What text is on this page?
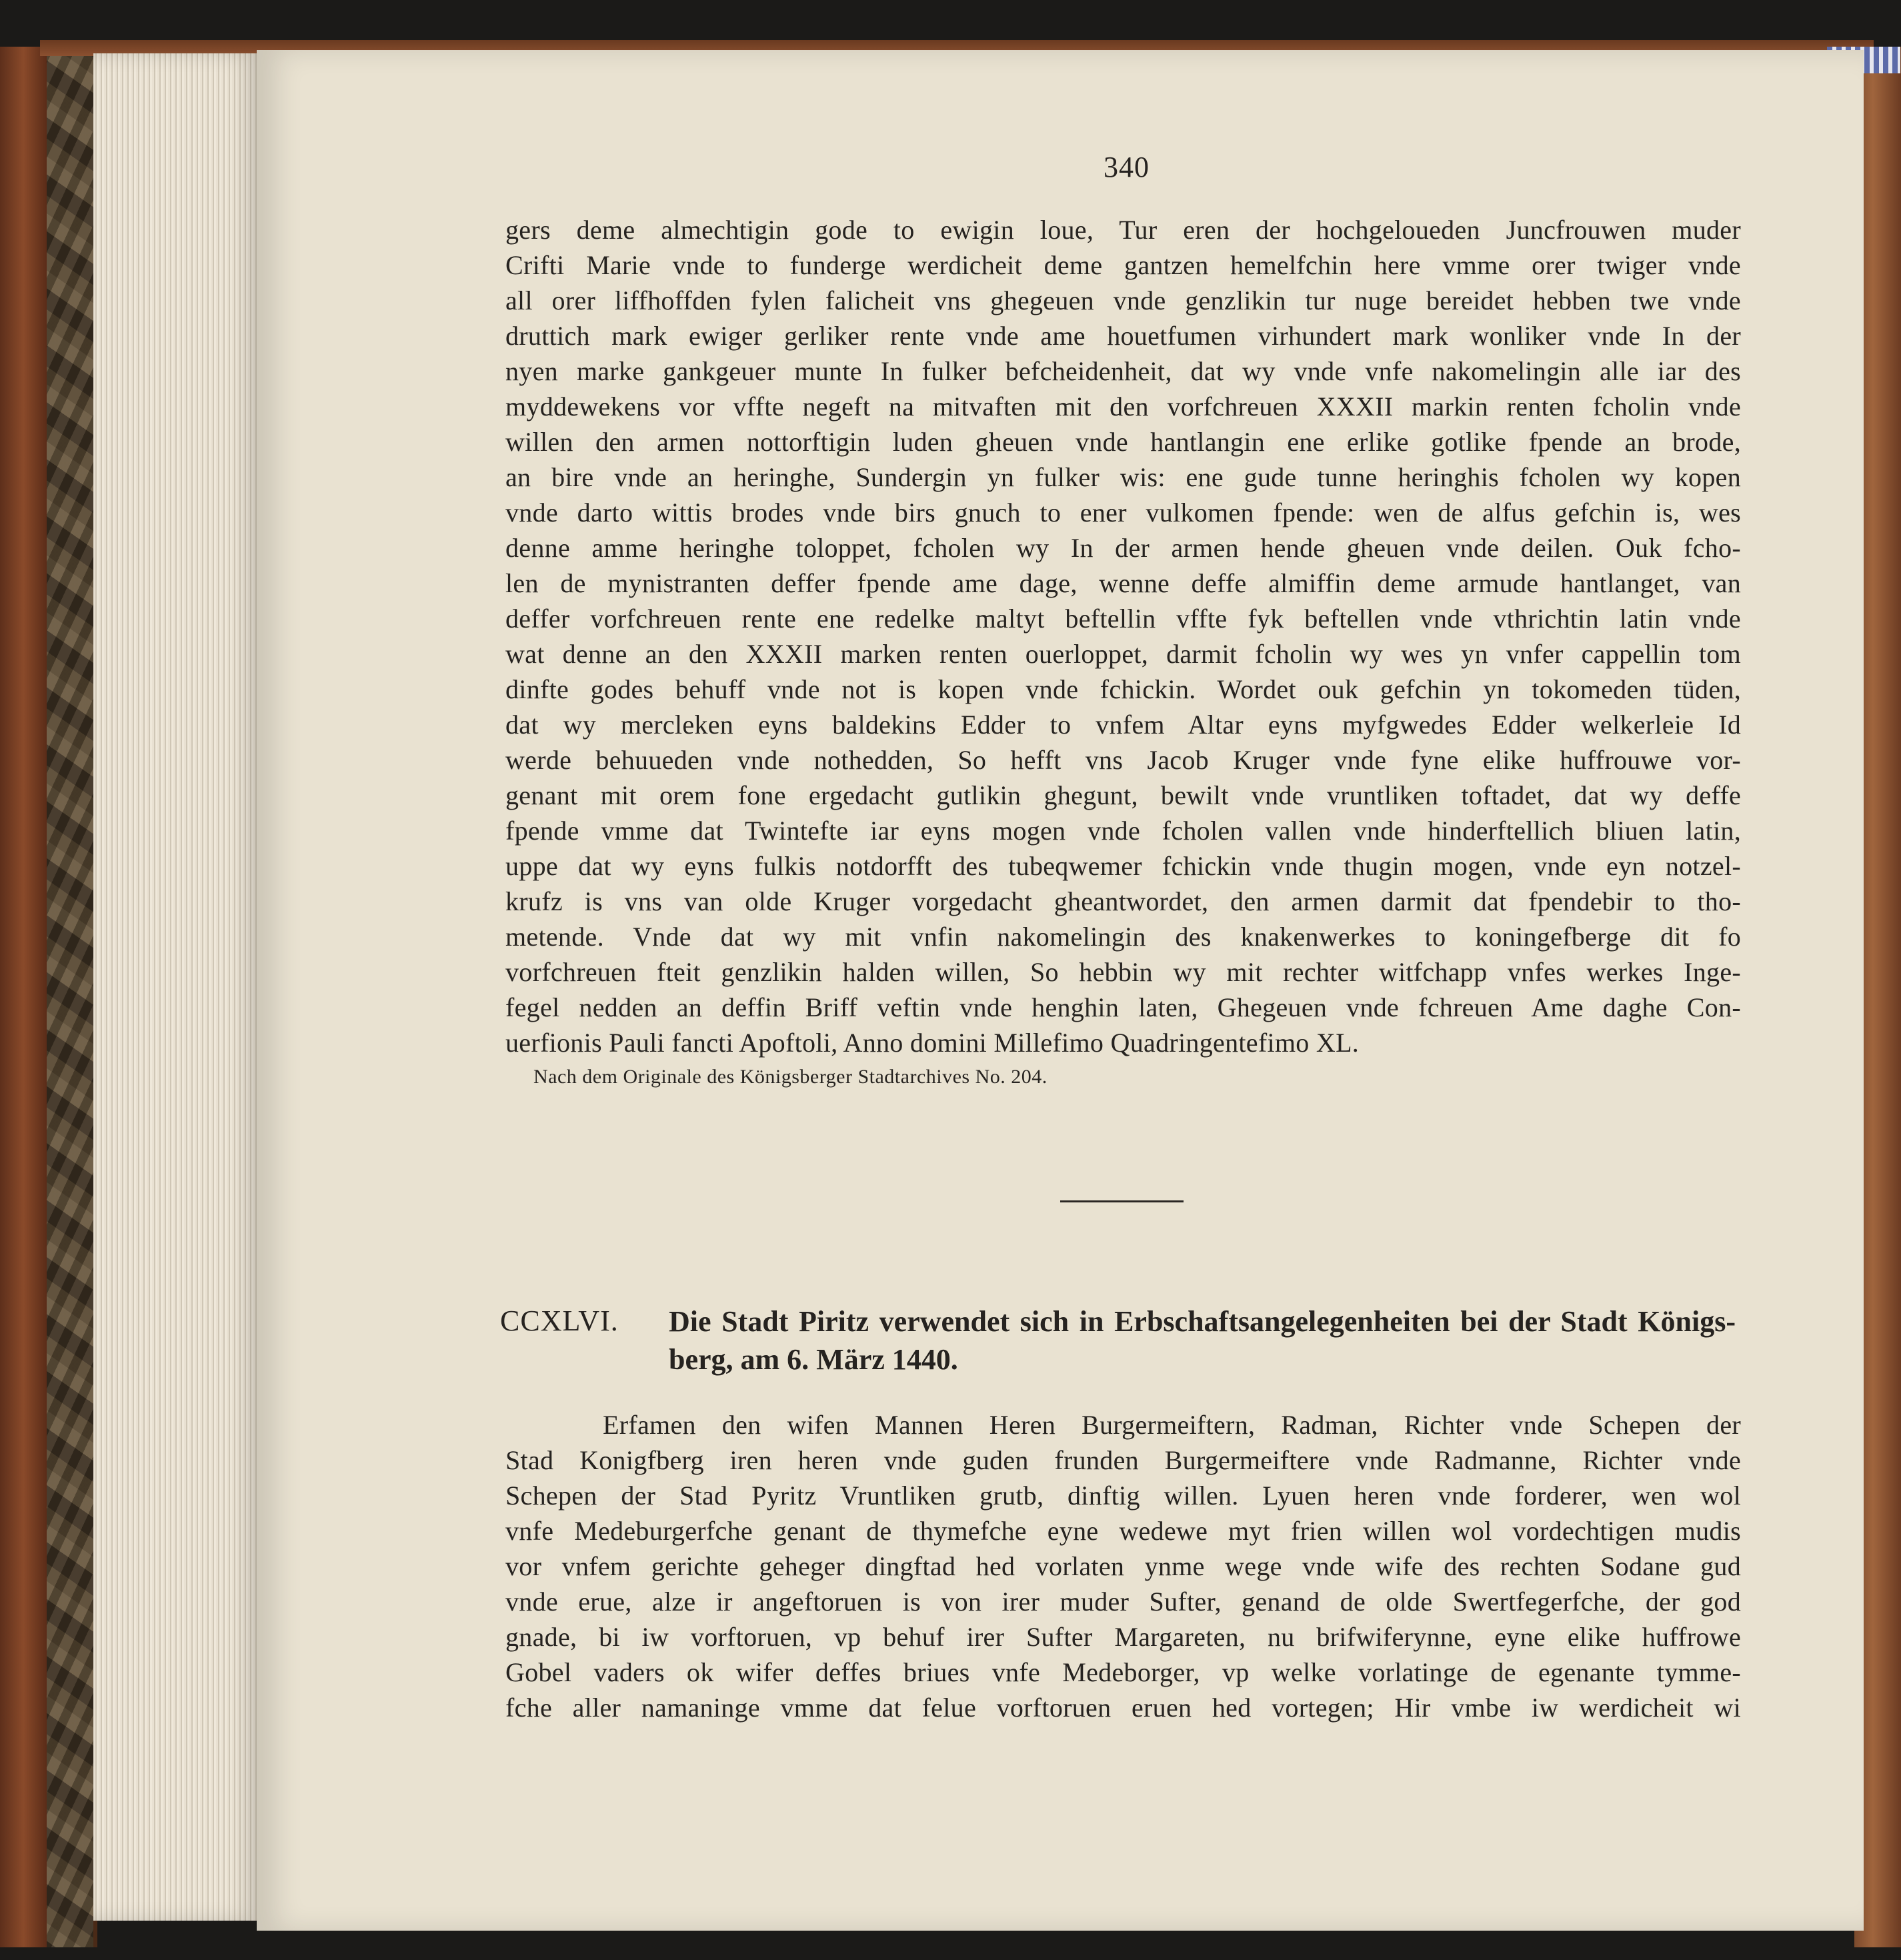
340
gers deme almechtigin gode to ewigin loue, Tur eren der hochgeloueden Juncfrouwen muder
Crifti Marie vnde to funderge werdicheit deme gantzen hemelfchin here vmme orer twiger vnde
all orer liffhoffden fylen falicheit vns ghegeuen vnde genzlikin tur nuge bereidet hebben twe vnde
druttich mark ewiger gerliker rente vnde ame houetfumen virhundert mark wonliker vnde In der
nyen marke gankgeuer munte In fulker befcheidenheit, dat wy vnde vnfe nakomelingin alle iar des
myddewekens vor vffte negeft na mitvaften mit den vorfchreuen XXXII markin renten fcholin vnde
willen den armen nottorftigin luden gheuen vnde hantlangin ene erlike gotlike fpende an brode,
an bire vnde an heringhe, Sundergin yn fulker wis: ene gude tunne heringhis fcholen wy kopen
vnde darto wittis brodes vnde birs gnuch to ener vulkomen fpende: wen de alfus gefchin is, wes
denne amme heringhe toloppet, fcholen wy In der armen hende gheuen vnde deilen. Ouk fcho-
len de mynistranten deffer fpende ame dage, wenne deffe almiffin deme armude hantlanget, van
deffer vorfchreuen rente ene redelke maltyt beftellin vffte fyk beftellen vnde vthrichtin latin vnde
wat denne an den XXXII marken renten ouerloppet, darmit fcholin wy wes yn vnfer cappellin tom
dinfte godes behuff vnde not is kopen vnde fchickin. Wordet ouk gefchin yn tokomeden tüden,
dat wy mercleken eyns baldekins Edder to vnfem Altar eyns myfgwedes Edder welkerleie Id
werde behuueden vnde nothedden, So hefft vns Jacob Kruger vnde fyne elike huffrouwe vor-
genant mit orem fone ergedacht gutlikin ghegunt, bewilt vnde vruntliken toftadet, dat wy deffe
fpende vmme dat Twintefte iar eyns mogen vnde fcholen vallen vnde hinderftellich bliuen latin,
uppe dat wy eyns fulkis notdorfft des tubeqwemer fchickin vnde thugin mogen, vnde eyn notzel-
krufz is vns van olde Kruger vorgedacht gheantwordet, den armen darmit dat fpendebir to tho-
metende. Vnde dat wy mit vnfin nakomelingin des knakenwerkes to koningefberge dit fo
vorfchreuen fteit genzlikin halden willen, So hebbin wy mit rechter witfchapp vnfes werkes Inge-
fegel nedden an deffin Briff veftin vnde henghin laten, Ghegeuen vnde fchreuen Ame daghe Con-
uerfionis Pauli fancti Apoftoli, Anno domini Millefimo Quadringentefimo XL.
Nach dem Originale des Königsberger Stadtarchives No. 204.
CCXLVI. Die Stadt Piritz verwendet sich in Erbschaftsangelegenheiten bei der Stadt Königs-
berg, am 6. März 1440.
Erfamen den wifen Mannen Heren Burgermeiftern, Radman, Richter vnde Schepen der
Stad Konigfberg iren heren vnde guden frunden Burgermeiftere vnde Radmanne, Richter vnde
Schepen der Stad Pyritz Vruntliken grutb, dinftig willen. Lyuen heren vnde forderer, wen wol
vnfe Medeburgerfche genant de thymefche eyne wedewe myt frien willen wol vordechtigen mudis
vor vnfem gerichte geheger dingftad hed vorlaten ynme wege vnde wife des rechten Sodane gud
vnde erue, alze ir angeftoruen is von irer muder Sufter, genand de olde Swertfegerfche, der god
gnade, bi iw vorftoruen, vp behuf irer Sufter Margareten, nu brifwiferynne, eyne elike huffrowe
Gobel vaders ok wifer deffes briues vnfe Medeborger, vp welke vorlatinge de egenante tymme-
fche aller namaninge vmme dat felue vorftoruen eruen hed vortegen; Hir vmbe iw werdicheit wi
